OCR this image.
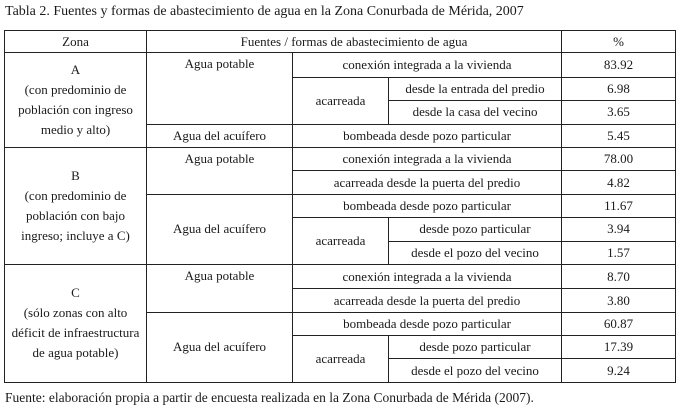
Tabla 2. Fuentes y formas de abastecimiento de agua en la Zona Conurbada de Mérida, 2007
Zona	Fuentes / formas de abastecimiento de agua			%
A
(con predominio de población con ingreso medio y alto)	Agua potable	conexión integrada a la vivienda		83.92
		acarreada	desde la entrada del predio	6.98
			desde la casa del vecino	3.65
	Agua del acuífero	bombeada desde pozo particular		5.45
B
(con predominio de población con bajo ingreso; incluye a C)	Agua potable	conexión integrada a la vivienda		78.00
		acarreada desde la puerta del predio		4.82
	Agua del acuífero	bombeada desde pozo particular		11.67
		acarreada	desde pozo particular	3.94
			desde el pozo del vecino	1.57
C
(sólo zonas con alto déficit de infraestructura de agua potable)	Agua potable	conexión integrada a la vivienda		8.70
		acarreada desde la puerta del predio		3.80
	Agua del acuífero	bombeada desde pozo particular		60.87
		acarreada	desde pozo particular	17.39
			desde el pozo del vecino	9.24
Fuente: elaboración propia a partir de encuesta realizada en la Zona Conurbada de Mérida (2007).
